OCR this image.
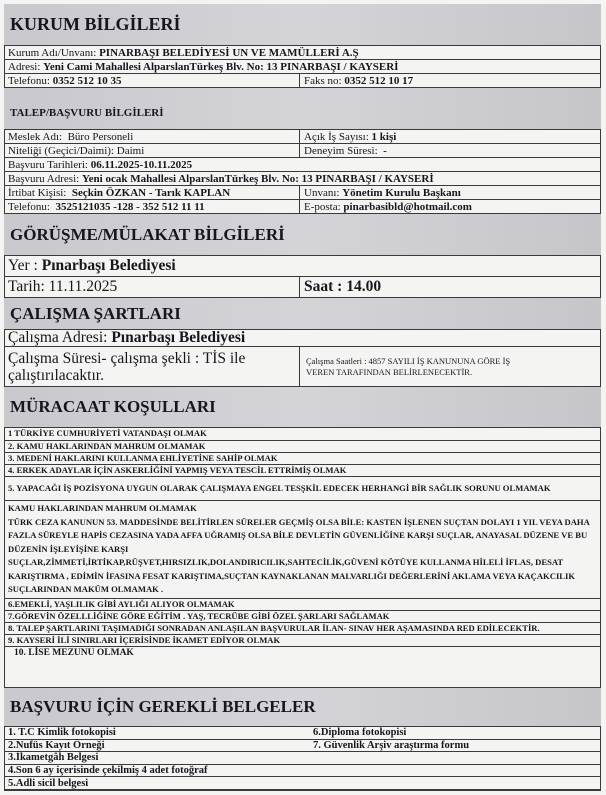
KURUM BİLGİLERİ
Kurum Adı/Unvanı:
PINARBAŞI BELEDİYESİ UN VE MAMÜLLERİ A.Ş
Adresi:
Yeni Cami Mahallesi AlparslanTürkeş Blv. No: 13 PINARBAŞI / KAYSERİ
Telefonu:
0352 512 10 35	Faks no:
0352 512 10 17
TALEP/BAŞVURU BİLGİLERİ
Meslek Adı:
Büro Personeli	Açık İş Sayısı:
1 kişi
Niteliği (Geçici/Daimi):
Daimi	Deneyim Süresi:
-
Başvuru Tarihleri:
06.11.2025-10.11.2025
Başvuru Adresi:
Yeni ocak Mahallesi AlparslanTürkeş Blv. No: 13 PINARBAŞI / KAYSERİ
İrtibat Kişisi:
Seçkin ÖZKAN - Tarık KAPLAN	Unvanı:
Yönetim Kurulu Başkanı
Telefonu:
3525121035 -128 - 352 512 11 11	E-posta:
pinarbasibld@hotmail.com
GÖRÜŞME/MÜLAKAT BİLGİLERİ
Yer :
Pınarbaşı Belediyesi
Tarih: 11.11.2025	Saat : 14.00
ÇALIŞMA ŞARTLARI
Çalışma Adresi:
Pınarbaşı Belediyesi
Çalışma Süresi- çalışma şekli : TİS ile
çalıştırılacaktır.
Çalışma Saatleri : 4857 SAYILI İŞ KANUNUNA GÖRE İŞ
VEREN TARAFINDAN BELİRLENECEKTİR.
MÜRACAAT KOŞULLARI
1 TÜRKİYE CUMHURİYETİ VATANDAŞI OLMAK
2. KAMU HAKLARINDAN MAHRUM OLMAMAK
3. MEDENİ HAKLARINI KULLANMA EHLİYETİNE SAHİP OLMAK
4. ERKEK ADAYLAR İÇİN ASKERLİĞİNİ YAPMIŞ VEYA TESCİL ETTRİMİŞ OLMAK
5. YAPACAĞI İŞ POZİSYONA UYGUN OLARAK ÇALIŞMAYA ENGEL TESŞKİL EDECEK HERHANGİ BİR SAĞLIK SORUNU OLMAMAK
KAMU HAKLARINDAN MAHRUM OLMAMAK
TÜRK CEZA KANUNUN 53. MADDESİNDE BELİTİRLEN SÜRELER GEÇMİŞ OLSA BİLE: KASTEN İŞLENEN SUÇTAN DOLAYI 1 YIL VEYA DAHA FAZLA SÜREYLE HAPİS CEZASINA YADA AFFA UĞRAMIŞ OLSA BİLE DEVLETİN GÜVENLİĞİNE KARŞI SUÇLAR, ANAYASAL DÜZENE VE BU DÜZENİN İŞLEYİŞİNE KARŞI
SUÇLAR,ZİMMETİ,İRTİKAP,RÜŞVET,HIRSIZLIK,DOLANDIRICILIK,SAHTECİLİK,GÜVENİ KÖTÜYE KULLANMA HİLELİ İFLAS, DESAT KARIŞTIRMA , EDİMİN İFASINA FESAT KARIŞTIMA,SUÇTAN KAYNAKLANAN MALVARLIĞI DEĞERLERİNİ AKLAMA VEYA KAÇAKCILIK SUÇLARINDAN MAKÜM OLMAMAK .
6.EMEKLİ, YAŞLILIK GİBİ AYLIĞI ALIYOR OLMAMAK
7.GÖREVİN ÖZELLLİĞİNE GÖRE EĞİTİM . YAŞ, TECRÜBE GİBİ ÖZEL ŞARLARI SAĞLAMAK
8. TALEP ŞARTLARINI TAŞIMADIĞI SONRADAN ANLAŞILAN BAŞVURULAR İLAN- SINAV HER AŞAMASINDA RED EDİLECEKTİR.
9. KAYSERİ İLİ SINIRLARI İÇERİSİNDE İKAMET EDİYOR OLMAK
10. LİSE MEZUNU OLMAK
BAŞVURU İÇİN GEREKLİ BELGELER
1. T.C Kimlik fotokopisi	6.Diploma fotokopisi
2.Nufüs Kayıt Örneği	7. Güvenlik Arşiv araştırma formu
3.İkametgâh Belgesi
4.Son 6 ay içerisinde çekilmiş 4 adet fotoğraf
5.Adli sicil belgesi
